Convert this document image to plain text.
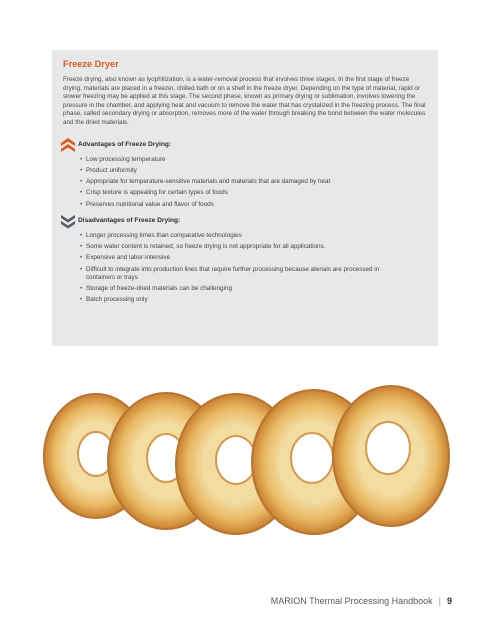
Freeze Dryer

Freeze drying, also known as lyophilization, is a water-removal process that involves three stages. In the first stage of freeze drying, materials are placed in a freezer, chilled bath or on a shelf in the freeze dryer. Depending on the type of material, rapid or slower freezing may be applied at this stage. The second phase, known as primary drying or sublimation, involves lowering the pressure in the chamber, and applying heat and vacuum to remove the water that has crystalized in the freezing process. The final phase, called secondary drying or absorption, removes more of the water through breaking the bond between the water molecules and the dried materials.

Advantages of Freeze Drying:
• Low processing temperature
• Product uniformity
• Appropriate for temperature-sensitive materials and materials that are damaged by heat
• Crisp texture is appealing for certain types of foods
• Preserves nutritional value and flavor of foods
Disadvantages of Freeze Drying:
• Longer processing times than comparative technologies
• Some water content is retained, so freeze drying is not appropriate for all applications.
• Expensive and labor-intensive
• Difficult to integrate into production lines that require further processing because aterials are processed in containers or trays
• Storage of freeze-dried materials can be challenging
• Batch processing only
MARION Thermal Processing Handbook | 9
